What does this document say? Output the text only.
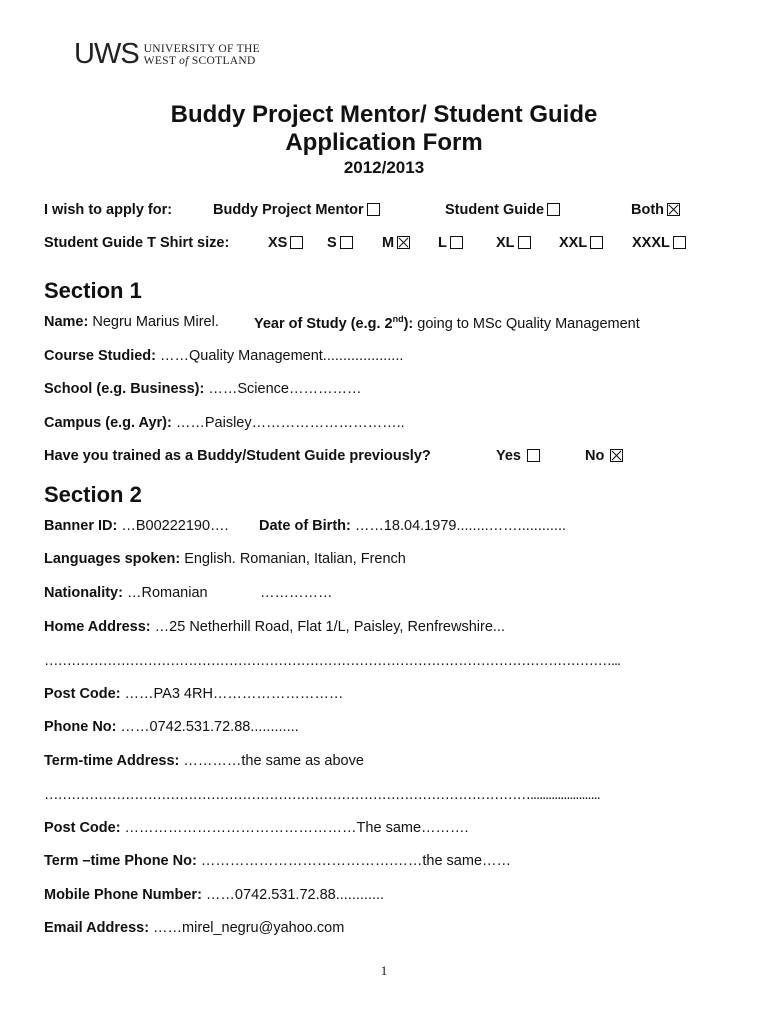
UWS UNIVERSITY OF THE
WEST of SCOTLAND
Buddy Project Mentor/ Student Guide
Application Form
2012/2013
I wish to apply for:	Buddy Project Mentor	Student Guide	Both
Student Guide T Shirt size:	XS	S	M	L	XL	XXL	XXXL
Section 1
Name: Negru Marius Mirel. Year of Study (e.g. 2nd): going to MSc Quality Management
Course Studied: ……Quality Management....................
School (e.g. Business): ……Science……………
Campus (e.g. Ayr): ……Paisley…………………………..
Have you trained as a Buddy/Student Guide previously?	Yes	No
Section 2
Banner ID: …B00222190…. Date of Birth: ……18.04.1979........……............
Languages spoken: English. Romanian, Italian, French
Nationality: …Romanian	……………
Home Address: …25 Netherhill Road, Flat 1/L, Paisley, Renfrewshire...
………………………………………………………………………………………………………………...
Post Code: ……PA3 4RH………………………
Phone No: ……0742.531.72.88............
Term-time Address: …………the same as above
……………………………………………………………………………………………….......................
Post Code: …………………………………………The same……….
Term –time Phone No: ………………………………….……the same……
Mobile Phone Number: ……0742.531.72.88............
Email Address: ……mirel_negru@yahoo.com
1
